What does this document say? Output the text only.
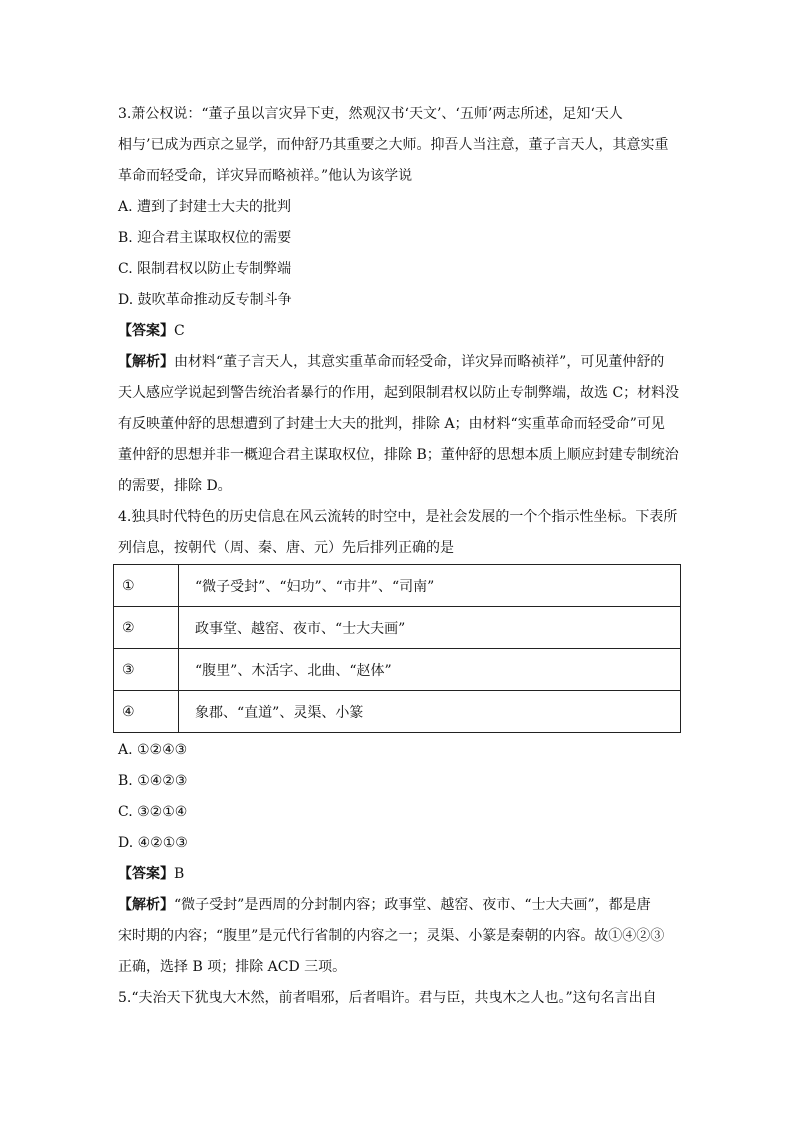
3.萧公权说：“董子虽以言灾异下吏，然观汉书‘天文’、‘五师’两志所述，足知‘天人
相与’已成为西京之显学，而仲舒乃其重要之大师。抑吾人当注意，董子言天人，其意实重
革命而轻受命，详灾异而略祯祥。”他认为该学说
A. 遭到了封建士大夫的批判
B. 迎合君主谋取权位的需要
C. 限制君权以防止专制弊端
D. 鼓吹革命推动反专制斗争
【答案】C
【解析】由材料“董子言天人，其意实重革命而轻受命，详灾异而略祯祥”，可见董仲舒的
天人感应学说起到警告统治者暴行的作用，起到限制君权以防止专制弊端，故选 C；材料没
有反映董仲舒的思想遭到了封建士大夫的批判，排除 A；由材料“实重革命而轻受命”可见
董仲舒的思想并非一概迎合君主谋取权位，排除 B；董仲舒的思想本质上顺应封建专制统治
的需要，排除 D。
4.独具时代特色的历史信息在风云流转的时空中，是社会发展的一个个指示性坐标。下表所
列信息，按朝代（周、秦、唐、元）先后排列正确的是
①	“微子受封”、“妇功”、“市井”、“司南”
②	政事堂、越窑、夜市、“士大夫画”
③	“腹里”、木活字、北曲、“赵体”
④	象郡、“直道”、灵渠、小篆
A. ①②④③
B. ①④②③
C. ③②①④
D. ④②①③
【答案】B
【解析】“微子受封”是西周的分封制内容；政事堂、越窑、夜市、“士大夫画”，都是唐
宋时期的内容；“腹里”是元代行省制的内容之一；灵渠、小篆是秦朝的内容。故①④②③
正确，选择 B 项；排除 ACD 三项。
5.“夫治天下犹曳大木然，前者唱邪，后者唱许。君与臣，共曳木之人也。”这句名言出自
